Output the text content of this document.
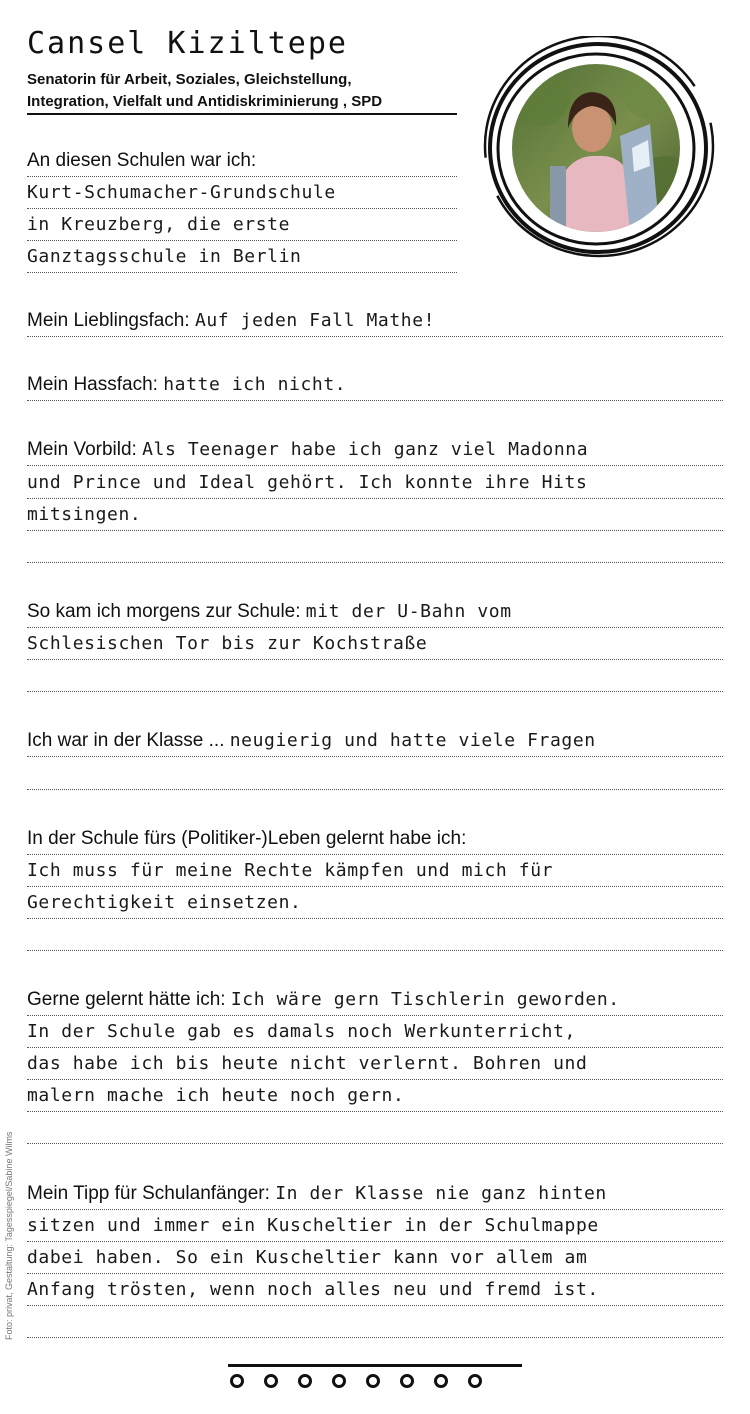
Cansel Kiziltepe
Senatorin für Arbeit, Soziales, Gleichstellung,
Integration, Vielfalt und Antidiskriminierung , SPD
An diesen Schulen war ich:
Kurt-Schumacher-Grundschule
in Kreuzberg, die erste
Ganztagsschule in Berlin
Mein Lieblingsfach: Auf jeden Fall Mathe!
Mein Hassfach: hatte ich nicht.
Mein Vorbild: Als Teenager habe ich ganz viel Madonna
und Prince und Ideal gehört. Ich konnte ihre Hits
mitsingen.
So kam ich morgens zur Schule: mit der U-Bahn vom
Schlesischen Tor bis zur Kochstraße
Ich war in der Klasse ... neugierig und hatte viele Fragen
In der Schule fürs (Politiker-)Leben gelernt habe ich:
Ich muss für meine Rechte kämpfen und mich für
Gerechtigkeit einsetzen.
Gerne gelernt hätte ich: Ich wäre gern Tischlerin geworden.
In der Schule gab es damals noch Werkunterricht,
das habe ich bis heute nicht verlernt. Bohren und
malern mache ich heute noch gern.
Mein Tipp für Schulanfänger: In der Klasse nie ganz hinten
sitzen und immer ein Kuscheltier in der Schulmappe
dabei haben. So ein Kuscheltier kann vor allem am
Anfang trösten, wenn noch alles neu und fremd ist.
Foto: privat, Gestaltung: Tagesspiegel/Sabine Wilms
